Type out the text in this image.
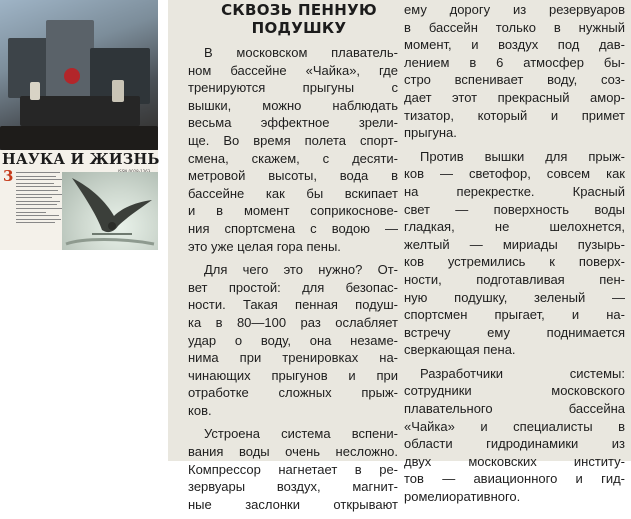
НАУКА И ЖИЗНЬ
3
СКВОЗЬ ПЕННУЮ
ПОДУШКУ
В московском плаватель-
ном бассейне «Чайка», где
тренируются прыгуны с
вышки, можно наблюдать
весьма эффектное зрели-
ще. Во время полета спорт-
смена, скажем, с десяти-
метровой высоты, вода в
бассейне как бы вскипает
и в момент соприкоснове-
ния спортсмена с водою —
это уже целая гора пены.
Для чего это нужно? От-
вет простой: для безопас-
ности. Такая пенная подуш-
ка в 80—100 раз ослабляет
удар о воду, она незаме-
нима при тренировках на-
чинающих прыгунов и при
отработке сложных прыж-
ков.
Устроена система вспени-
вания воды очень несложно.
Компрессор нагнетает в ре-
зервуары воздух, магнит-
ные заслонки открывают
ему дорогу из резервуаров
в бассейн только в нужный
момент, и воздух под дав-
лением в 6 атмосфер бы-
стро вспенивает воду, соз-
дает этот прекрасный амор-
тизатор, который и примет
прыгуна.
Против вышки для прыж-
ков — светофор, совсем как
на перекрестке. Красный
свет — поверхность воды
гладкая, не шелохнется,
желтый — мириады пузырь-
ков устремились к поверх-
ности, подготавливая пен-
ную подушку, зеленый —
спортсмен прыгает, и на-
встречу ему поднимается
сверкающая пена.
Разработчики системы:
сотрудники московского
плавательного бассейна
«Чайка» и специалисты в
области гидродинамики из
двух московских институ-
тов — авиационного и гид-
ромелиоративного.
